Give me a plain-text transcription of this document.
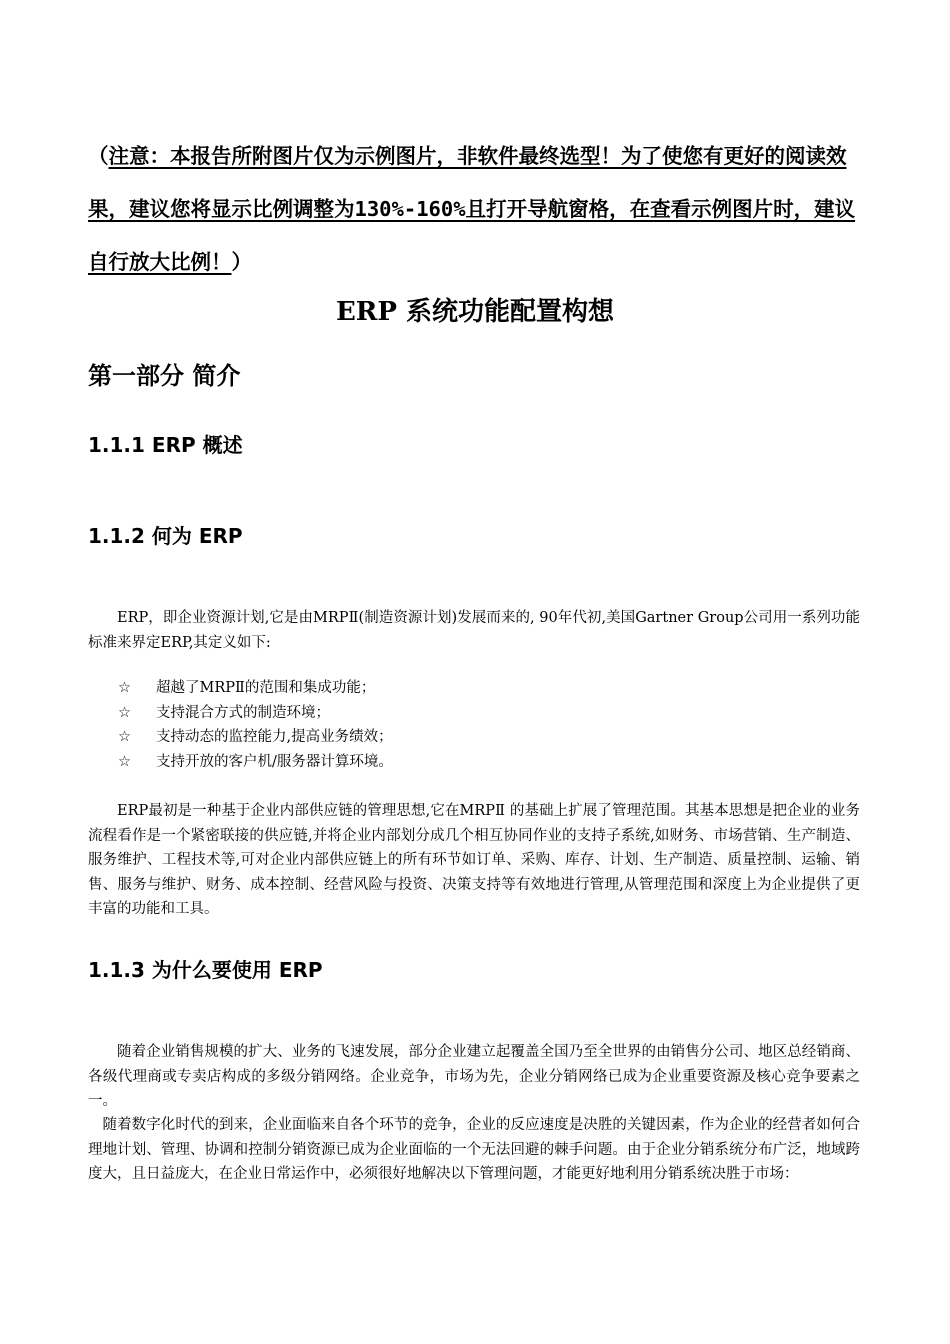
（注意：本报告所附图片仅为示例图片，非软件最终选型！为了使您有更好的阅读效果，建议您将显示比例调整为130%-160%且打开导航窗格，在查看示例图片时，建议自行放大比例！）
ERP 系统功能配置构想
第一部分 简介
1.1.1 ERP 概述
1.1.2 何为 ERP

ERP，即企业资源计划,它是由MRPⅡ(制造资源计划)发展而来的, 90年代初,美国Gartner Group公司用一系列功能标准来界定ERP,其定义如下:

☆	超越了MRPⅡ的范围和集成功能；
☆	支持混合方式的制造环境；
☆	支持动态的监控能力,提高业务绩效；
☆	支持开放的客户机/服务器计算环境。

ERP最初是一种基于企业内部供应链的管理思想,它在MRPⅡ 的基础上扩展了管理范围。其基本思想是把企业的业务流程看作是一个紧密联接的供应链,并将企业内部划分成几个相互协同作业的支持子系统,如财务、市场营销、生产制造、服务维护、工程技术等,可对企业内部供应链上的所有环节如订单、采购、库存、计划、生产制造、质量控制、运输、销售、服务与维护、财务、成本控制、经营风险与投资、决策支持等有效地进行管理,从管理范围和深度上为企业提供了更丰富的功能和工具。

1.1.3 为什么要使用 ERP

随着企业销售规模的扩大、业务的飞速发展，部分企业建立起覆盖全国乃至全世界的由销售分公司、地区总经销商、各级代理商或专卖店构成的多级分销网络。企业竞争，市场为先，企业分销网络已成为企业重要资源及核心竞争要素之一。

随着数字化时代的到来，企业面临来自各个环节的竞争，企业的反应速度是决胜的关键因素，作为企业的经营者如何合理地计划、管理、协调和控制分销资源已成为企业面临的一个无法回避的棘手问题。由于企业分销系统分布广泛，地域跨度大，且日益庞大，在企业日常运作中，必须很好地解决以下管理问题，才能更好地利用分销系统决胜于市场：
